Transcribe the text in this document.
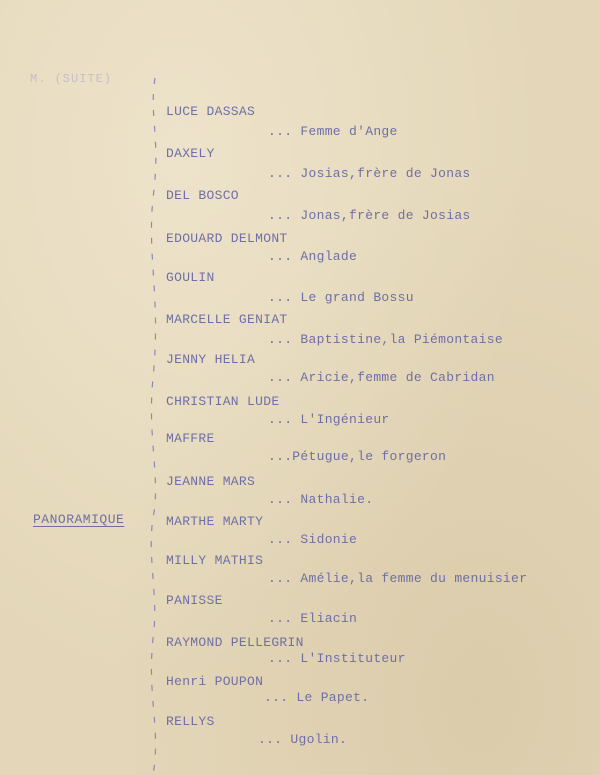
M. (SUITE)
PANORAMIQUE
LUCE DASSAS
... Femme d'Ange
DAXELY
... Josias,frère de Jonas
DEL BOSCO
... Jonas,frère de Josias
EDOUARD DELMONT
... Anglade
GOULIN
... Le grand Bossu
MARCELLE GENIAT
... Baptistine,la Piémontaise
JENNY HELIA
... Aricie,femme de Cabridan
CHRISTIAN LUDE
... L'Ingénieur
MAFFRE
...Pétugue,le forgeron
JEANNE MARS
... Nathalie.
MARTHE MARTY
... Sidonie
MILLY MATHIS
... Amélie,la femme du menuisier
PANISSE
... Eliacin
RAYMOND PELLEGRIN
... L'Instituteur
Henri POUPON
... Le Papet.
RELLYS
... Ugolin.
